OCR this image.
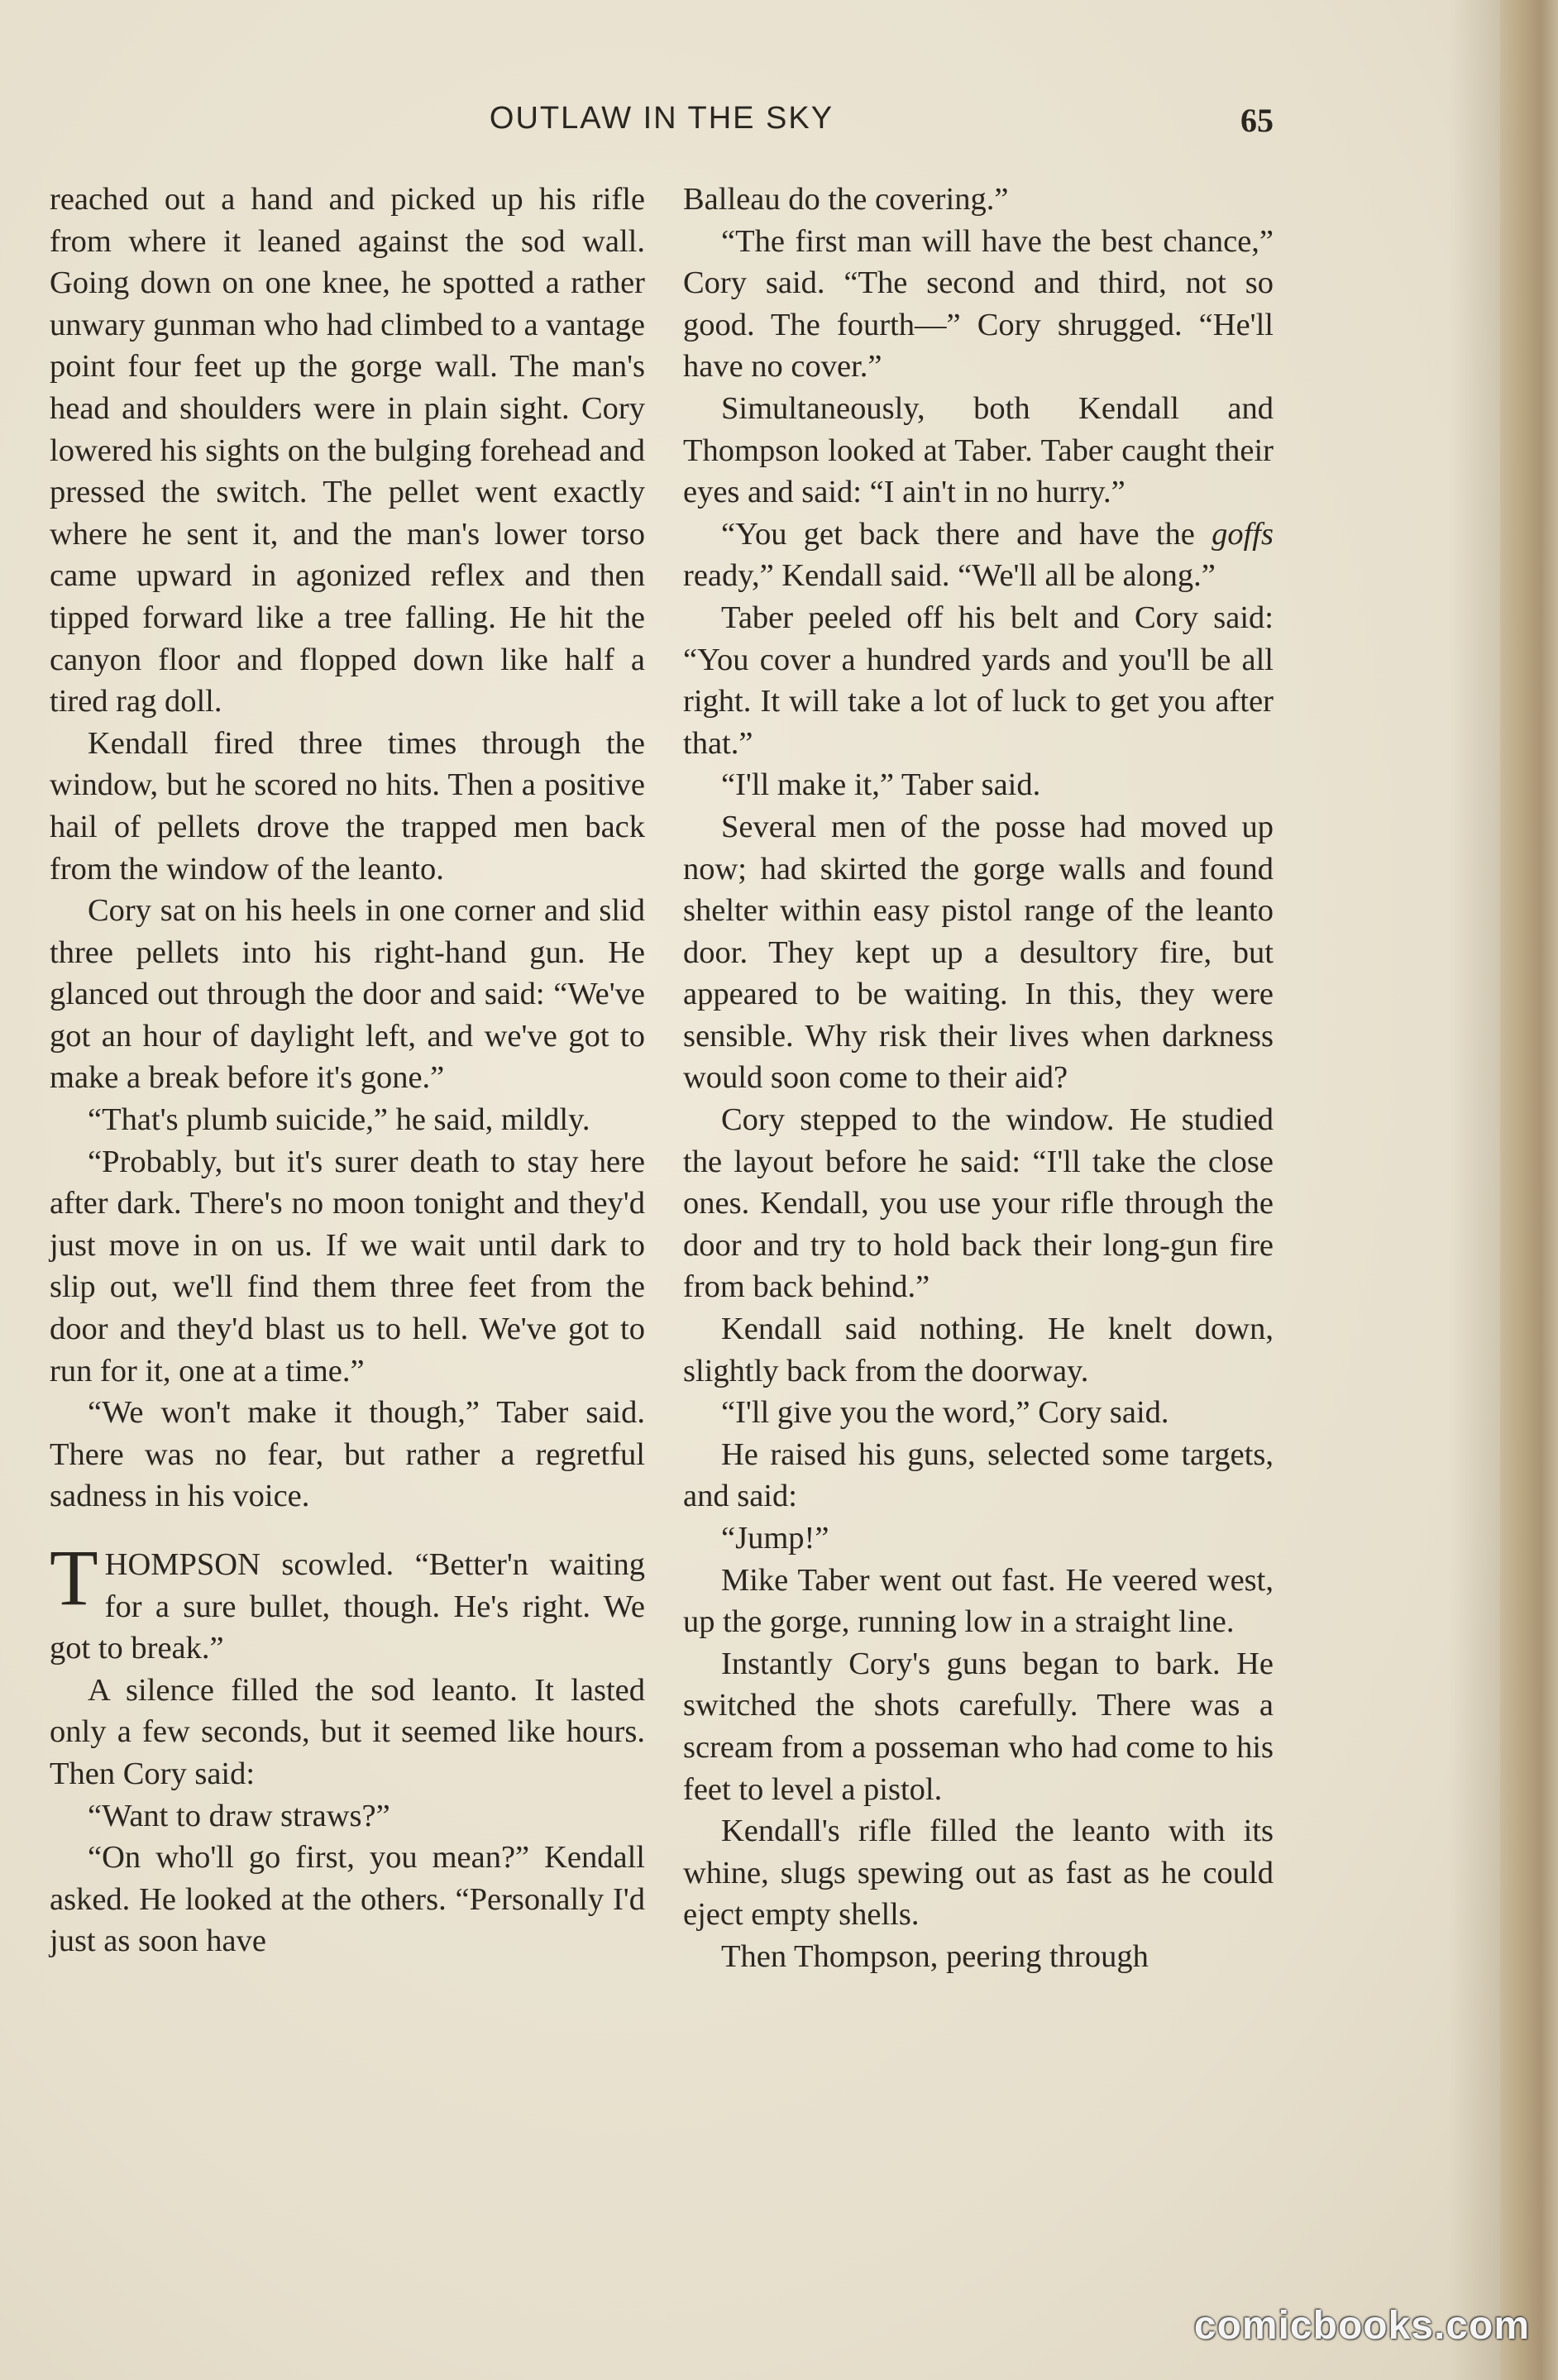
OUTLAW IN THE SKY	65

reached out a hand and picked up his rifle from where it leaned against the sod wall. Going down on one knee, he spotted a rather unwary gunman who had climbed to a vantage point four feet up the gorge wall. The man's head and shoulders were in plain sight. Cory lowered his sights on the bulging forehead and pressed the switch. The pellet went exactly where he sent it, and the man's lower torso came upward in agonized reflex and then tipped forward like a tree falling. He hit the canyon floor and flopped down like half a tired rag doll.

Kendall fired three times through the window, but he scored no hits. Then a positive hail of pellets drove the trapped men back from the window of the leanto.

Cory sat on his heels in one corner and slid three pellets into his right-hand gun. He glanced out through the door and said: “We've got an hour of daylight left, and we've got to make a break before it's gone.”

“That's plumb suicide,” he said, mildly.

“Probably, but it's surer death to stay here after dark. There's no moon tonight and they'd just move in on us. If we wait until dark to slip out, we'll find them three feet from the door and they'd blast us to hell. We've got to run for it, one at a time.”

“We won't make it though,” Taber said. There was no fear, but rather a regretful sadness in his voice.

THOMPSON scowled. “Better'n waiting for a sure bullet, though. He's right. We got to break.”

A silence filled the sod leanto. It lasted only a few seconds, but it seemed like hours. Then Cory said:

“Want to draw straws?”

“On who'll go first, you mean?” Kendall asked. He looked at the others. “Personally I'd just as soon have

Balleau do the covering.”

“The first man will have the best chance,” Cory said. “The second and third, not so good. The fourth—” Cory shrugged. “He'll have no cover.”

Simultaneously, both Kendall and Thompson looked at Taber. Taber caught their eyes and said: “I ain't in no hurry.”

“You get back there and have the goffs ready,” Kendall said. “We'll all be along.”

Taber peeled off his belt and Cory said: “You cover a hundred yards and you'll be all right. It will take a lot of luck to get you after that.”

“I'll make it,” Taber said.

Several men of the posse had moved up now; had skirted the gorge walls and found shelter within easy pistol range of the leanto door. They kept up a desultory fire, but appeared to be waiting. In this, they were sensible. Why risk their lives when darkness would soon come to their aid?

Cory stepped to the window. He studied the layout before he said: “I'll take the close ones. Kendall, you use your rifle through the door and try to hold back their long-gun fire from back behind.”

Kendall said nothing. He knelt down, slightly back from the doorway.

“I'll give you the word,” Cory said.

He raised his guns, selected some targets, and said:

“Jump!”

Mike Taber went out fast. He veered west, up the gorge, running low in a straight line.

Instantly Cory's guns began to bark. He switched the shots carefully. There was a scream from a posseman who had come to his feet to level a pistol.

Kendall's rifle filled the leanto with its whine, slugs spewing out as fast as he could eject empty shells.

Then Thompson, peering through

comicbooks.com
